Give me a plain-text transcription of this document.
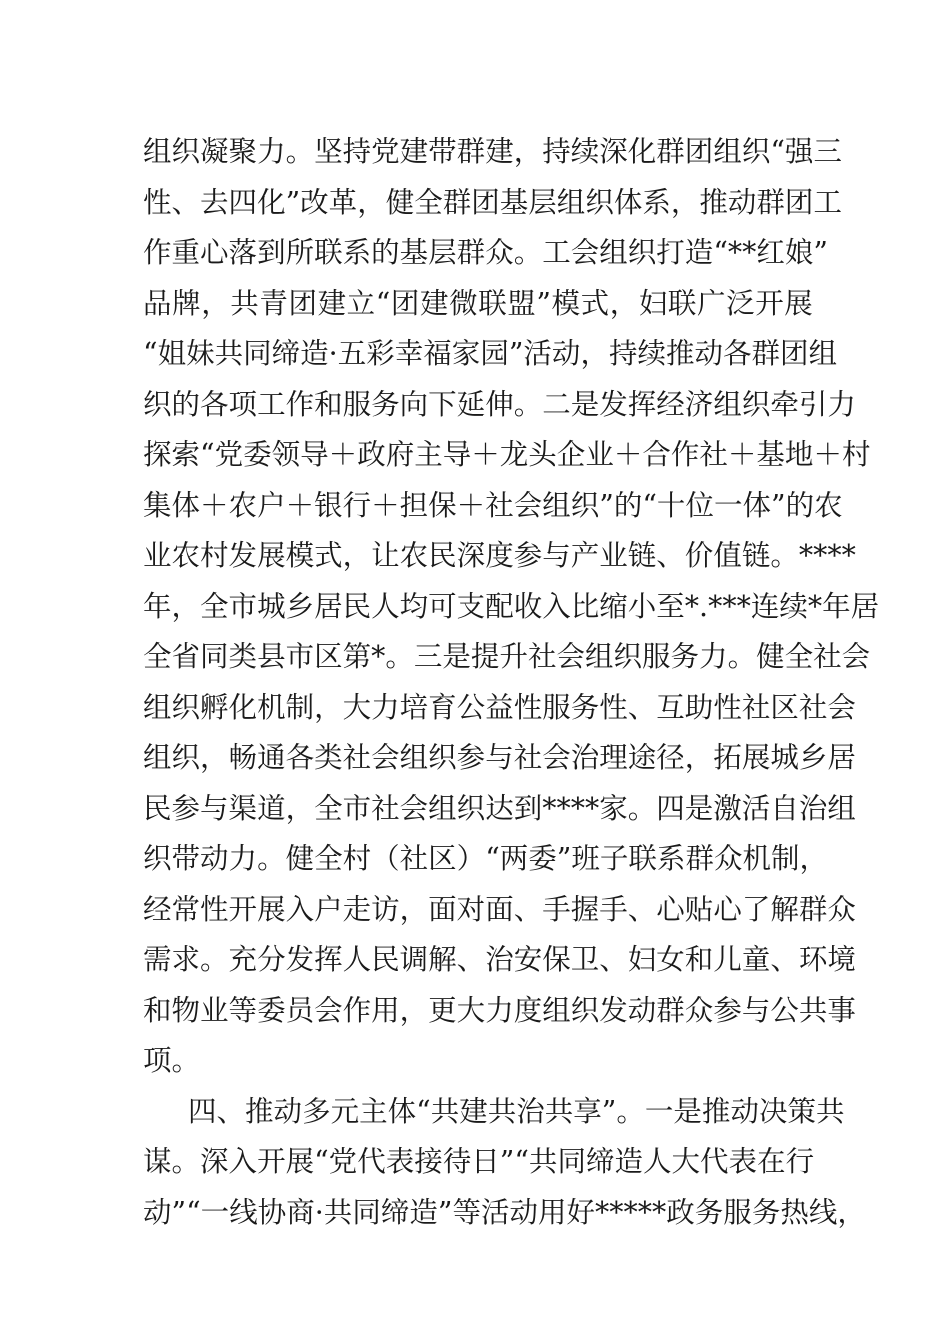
组 织 凝 聚 力 。 坚 持 党 建 带 群 建 ， 持 续 深 化 群 团 组 织 “ 强 三
性 、 去 四 化 ” 改 革 ， 健 全 群 团 基 层 组 织 体 系 ， 推 动 群 团 工
作 重 心 落 到 所 联 系 的 基 层 群 众 。 工 会 组 织 打 造 “ * * 红 娘 ”
品 牌 ， 共 青 团 建 立 “ 团 建 微 联 盟 ” 模 式 ， 妇 联 广 泛 开 展
“ 姐 妹 共 同 缔 造 · 五 彩 幸 福 家 园 ” 活 动 ， 持 续 推 动 各 群 团 组
织 的 各 项 工 作 和 服 务 向 下 延 伸 。 二 是 发 挥 经 济 组 织 牵 引 力
探 索 “ 党 委 领 导 ＋ 政 府 主 导 ＋ 龙 头 企 业 ＋ 合 作 社 ＋ 基 地 ＋ 村
集 体 ＋ 农 户 ＋ 银 行 ＋ 担 保 ＋ 社 会 组 织 ” 的 “ 十 位 一 体 ” 的 农
业 农 村 发 展 模 式 ， 让 农 民 深 度 参 与 产 业 链 、 价 值 链 。 * * * *
年 ， 全 市 城 乡 居 民 人 均 可 支 配 收 入 比 缩 小 至 * . * * * 连 续 * 年 居
全 省 同 类 县 市 区 第 * 。 三 是 提 升 社 会 组 织 服 务 力 。 健 全 社 会
组 织 孵 化 机 制 ， 大 力 培 育 公 益 性 服 务 性 、 互 助 性 社 区 社 会
组 织 ， 畅 通 各 类 社 会 组 织 参 与 社 会 治 理 途 径 ， 拓 展 城 乡 居
民 参 与 渠 道 ， 全 市 社 会 组 织 达 到 * * * * 家 。 四 是 激 活 自 治 组
织 带 动 力 。 健 全 村 （ 社 区 ） “ 两 委 ” 班 子 联 系 群 众 机 制 ，
经 常 性 开 展 入 户 走 访 ， 面 对 面 、 手 握 手 、 心 贴 心 了 解 群 众
需 求 。 充 分 发 挥 人 民 调 解 、 治 安 保 卫 、 妇 女 和 儿 童 、 环 境
和 物 业 等 委 员 会 作 用 ， 更 大 力 度 组 织 发 动 群 众 参 与 公 共 事
项。
四 、 推 动 多 元 主 体 “ 共 建 共 治 共 享 ” 。 一 是 推 动 决 策 共
谋 。 深 入 开 展 “ 党 代 表 接 待 日 ” “ 共 同 缔 造 人 大 代 表 在 行
动 ” “ 一 线 协 商 · 共 同 缔 造 ” 等 活 动 用 好 * * * * * 政 务 服 务 热 线 ，
